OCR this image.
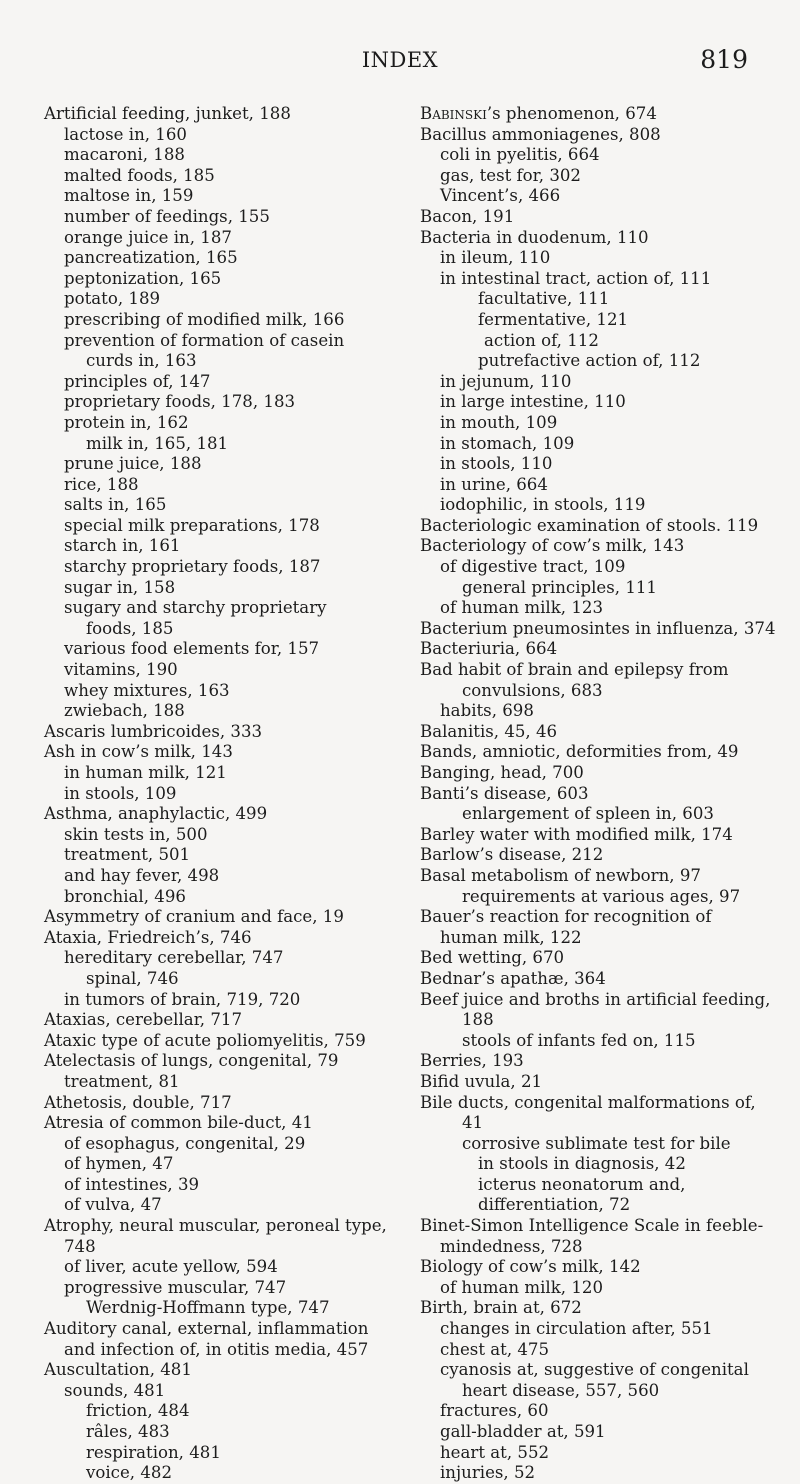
INDEX	819
Artificial feeding, junket, 188
lactose in, 160
macaroni, 188
malted foods, 185
maltose in, 159
number of feedings, 155
orange juice in, 187
pancreatization, 165
peptonization, 165
potato, 189
prescribing of modified milk, 166
prevention of formation of casein
curds in, 163
principles of, 147
proprietary foods, 178, 183
protein in, 162
milk in, 165, 181
prune juice, 188
rice, 188
salts in, 165
special milk preparations, 178
starch in, 161
starchy proprietary foods, 187
sugar in, 158
sugary and starchy proprietary
foods, 185
various food elements for, 157
vitamins, 190
whey mixtures, 163
zwiebach, 188
Ascaris lumbricoides, 333
Ash in cow’s milk, 143
in human milk, 121
in stools, 109
Asthma, anaphylactic, 499
skin tests in, 500
treatment, 501
and hay fever, 498
bronchial, 496
Asymmetry of cranium and face, 19
Ataxia, Friedreich’s, 746
hereditary cerebellar, 747
spinal, 746
in tumors of brain, 719, 720
Ataxias, cerebellar, 717
Ataxic type of acute poliomyelitis, 759
Atelectasis of lungs, congenital, 79
treatment, 81
Athetosis, double, 717
Atresia of common bile-duct, 41
of esophagus, congenital, 29
of hymen, 47
of intestines, 39
of vulva, 47
Atrophy, neural muscular, peroneal type,
748
of liver, acute yellow, 594
progressive muscular, 747
Werdnig-Hoffmann type, 747
Auditory canal, external, inflammation
and infection of, in otitis media, 457
Auscultation, 481
sounds, 481
friction, 484
râles, 483
respiration, 481
voice, 482
Babinski’s phenomenon, 674
Bacillus ammoniagenes, 808
coli in pyelitis, 664
gas, test for, 302
Vincent’s, 466
Bacon, 191
Bacteria in duodenum, 110
in ileum, 110
in intestinal tract, action of, 111
facultative, 111
fermentative, 121
action of, 112
putrefactive action of, 112
in jejunum, 110
in large intestine, 110
in mouth, 109
in stomach, 109
in stools, 110
in urine, 664
iodophilic, in stools, 119
Bacteriologic examination of stools. 119
Bacteriology of cow’s milk, 143
of digestive tract, 109
general principles, 111
of human milk, 123
Bacterium pneumosintes in influenza, 374
Bacteriuria, 664
Bad habit of brain and epilepsy from
convulsions, 683
habits, 698
Balanitis, 45, 46
Bands, amniotic, deformities from, 49
Banging, head, 700
Banti’s disease, 603
enlargement of spleen in, 603
Barley water with modified milk, 174
Barlow’s disease, 212
Basal metabolism of newborn, 97
requirements at various ages, 97
Bauer’s reaction for recognition of
human milk, 122
Bed wetting, 670
Bednar’s apathæ, 364
Beef juice and broths in artificial feeding,
188
stools of infants fed on, 115
Berries, 193
Bifid uvula, 21
Bile ducts, congenital malformations of,
41
corrosive sublimate test for bile
in stools in diagnosis, 42
icterus neonatorum and,
differentiation, 72
Binet-Simon Intelligence Scale in feeble-
mindedness, 728
Biology of cow’s milk, 142
of human milk, 120
Birth, brain at, 672
changes in circulation after, 551
chest at, 475
cyanosis at, suggestive of congenital
heart disease, 557, 560
fractures, 60
gall-bladder at, 591
heart at, 552
injuries, 52
